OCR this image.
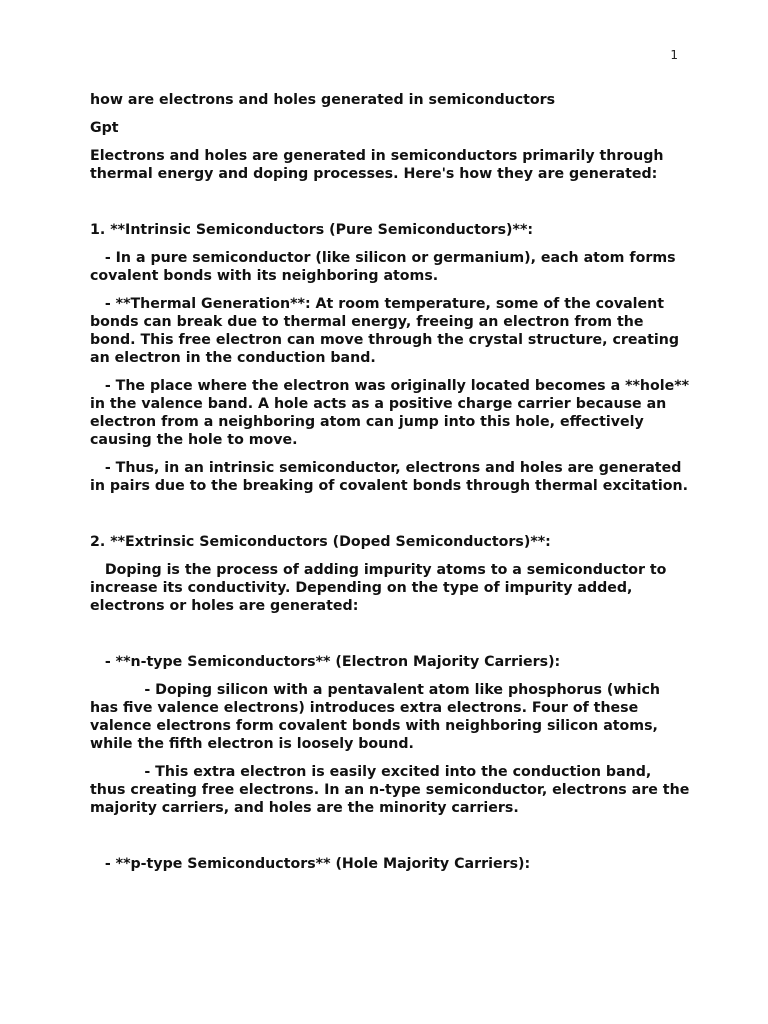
1

how are electrons and holes generated in semiconductors

Gpt

Electrons and holes are generated in semiconductors primarily through thermal energy and doping processes. Here's how they are generated:

1. **Intrinsic Semiconductors (Pure Semiconductors)**:

- In a pure semiconductor (like silicon or germanium), each atom forms covalent bonds with its neighboring atoms.

- **Thermal Generation**: At room temperature, some of the covalent bonds can break due to thermal energy, freeing an electron from the bond. This free electron can move through the crystal structure, creating an electron in the conduction band.

- The place where the electron was originally located becomes a **hole** in the valence band. A hole acts as a positive charge carrier because an electron from a neighboring atom can jump into this hole, effectively causing the hole to move.

- Thus, in an intrinsic semiconductor, electrons and holes are generated in pairs due to the breaking of covalent bonds through thermal excitation.

2. **Extrinsic Semiconductors (Doped Semiconductors)**:

Doping is the process of adding impurity atoms to a semiconductor to increase its conductivity. Depending on the type of impurity added, electrons or holes are generated:

- **n-type Semiconductors** (Electron Majority Carriers):

- Doping silicon with a pentavalent atom like phosphorus (which has five valence electrons) introduces extra electrons. Four of these valence electrons form covalent bonds with neighboring silicon atoms, while the fifth electron is loosely bound.

- This extra electron is easily excited into the conduction band, thus creating free electrons. In an n-type semiconductor, electrons are the majority carriers, and holes are the minority carriers.

- **p-type Semiconductors** (Hole Majority Carriers):
